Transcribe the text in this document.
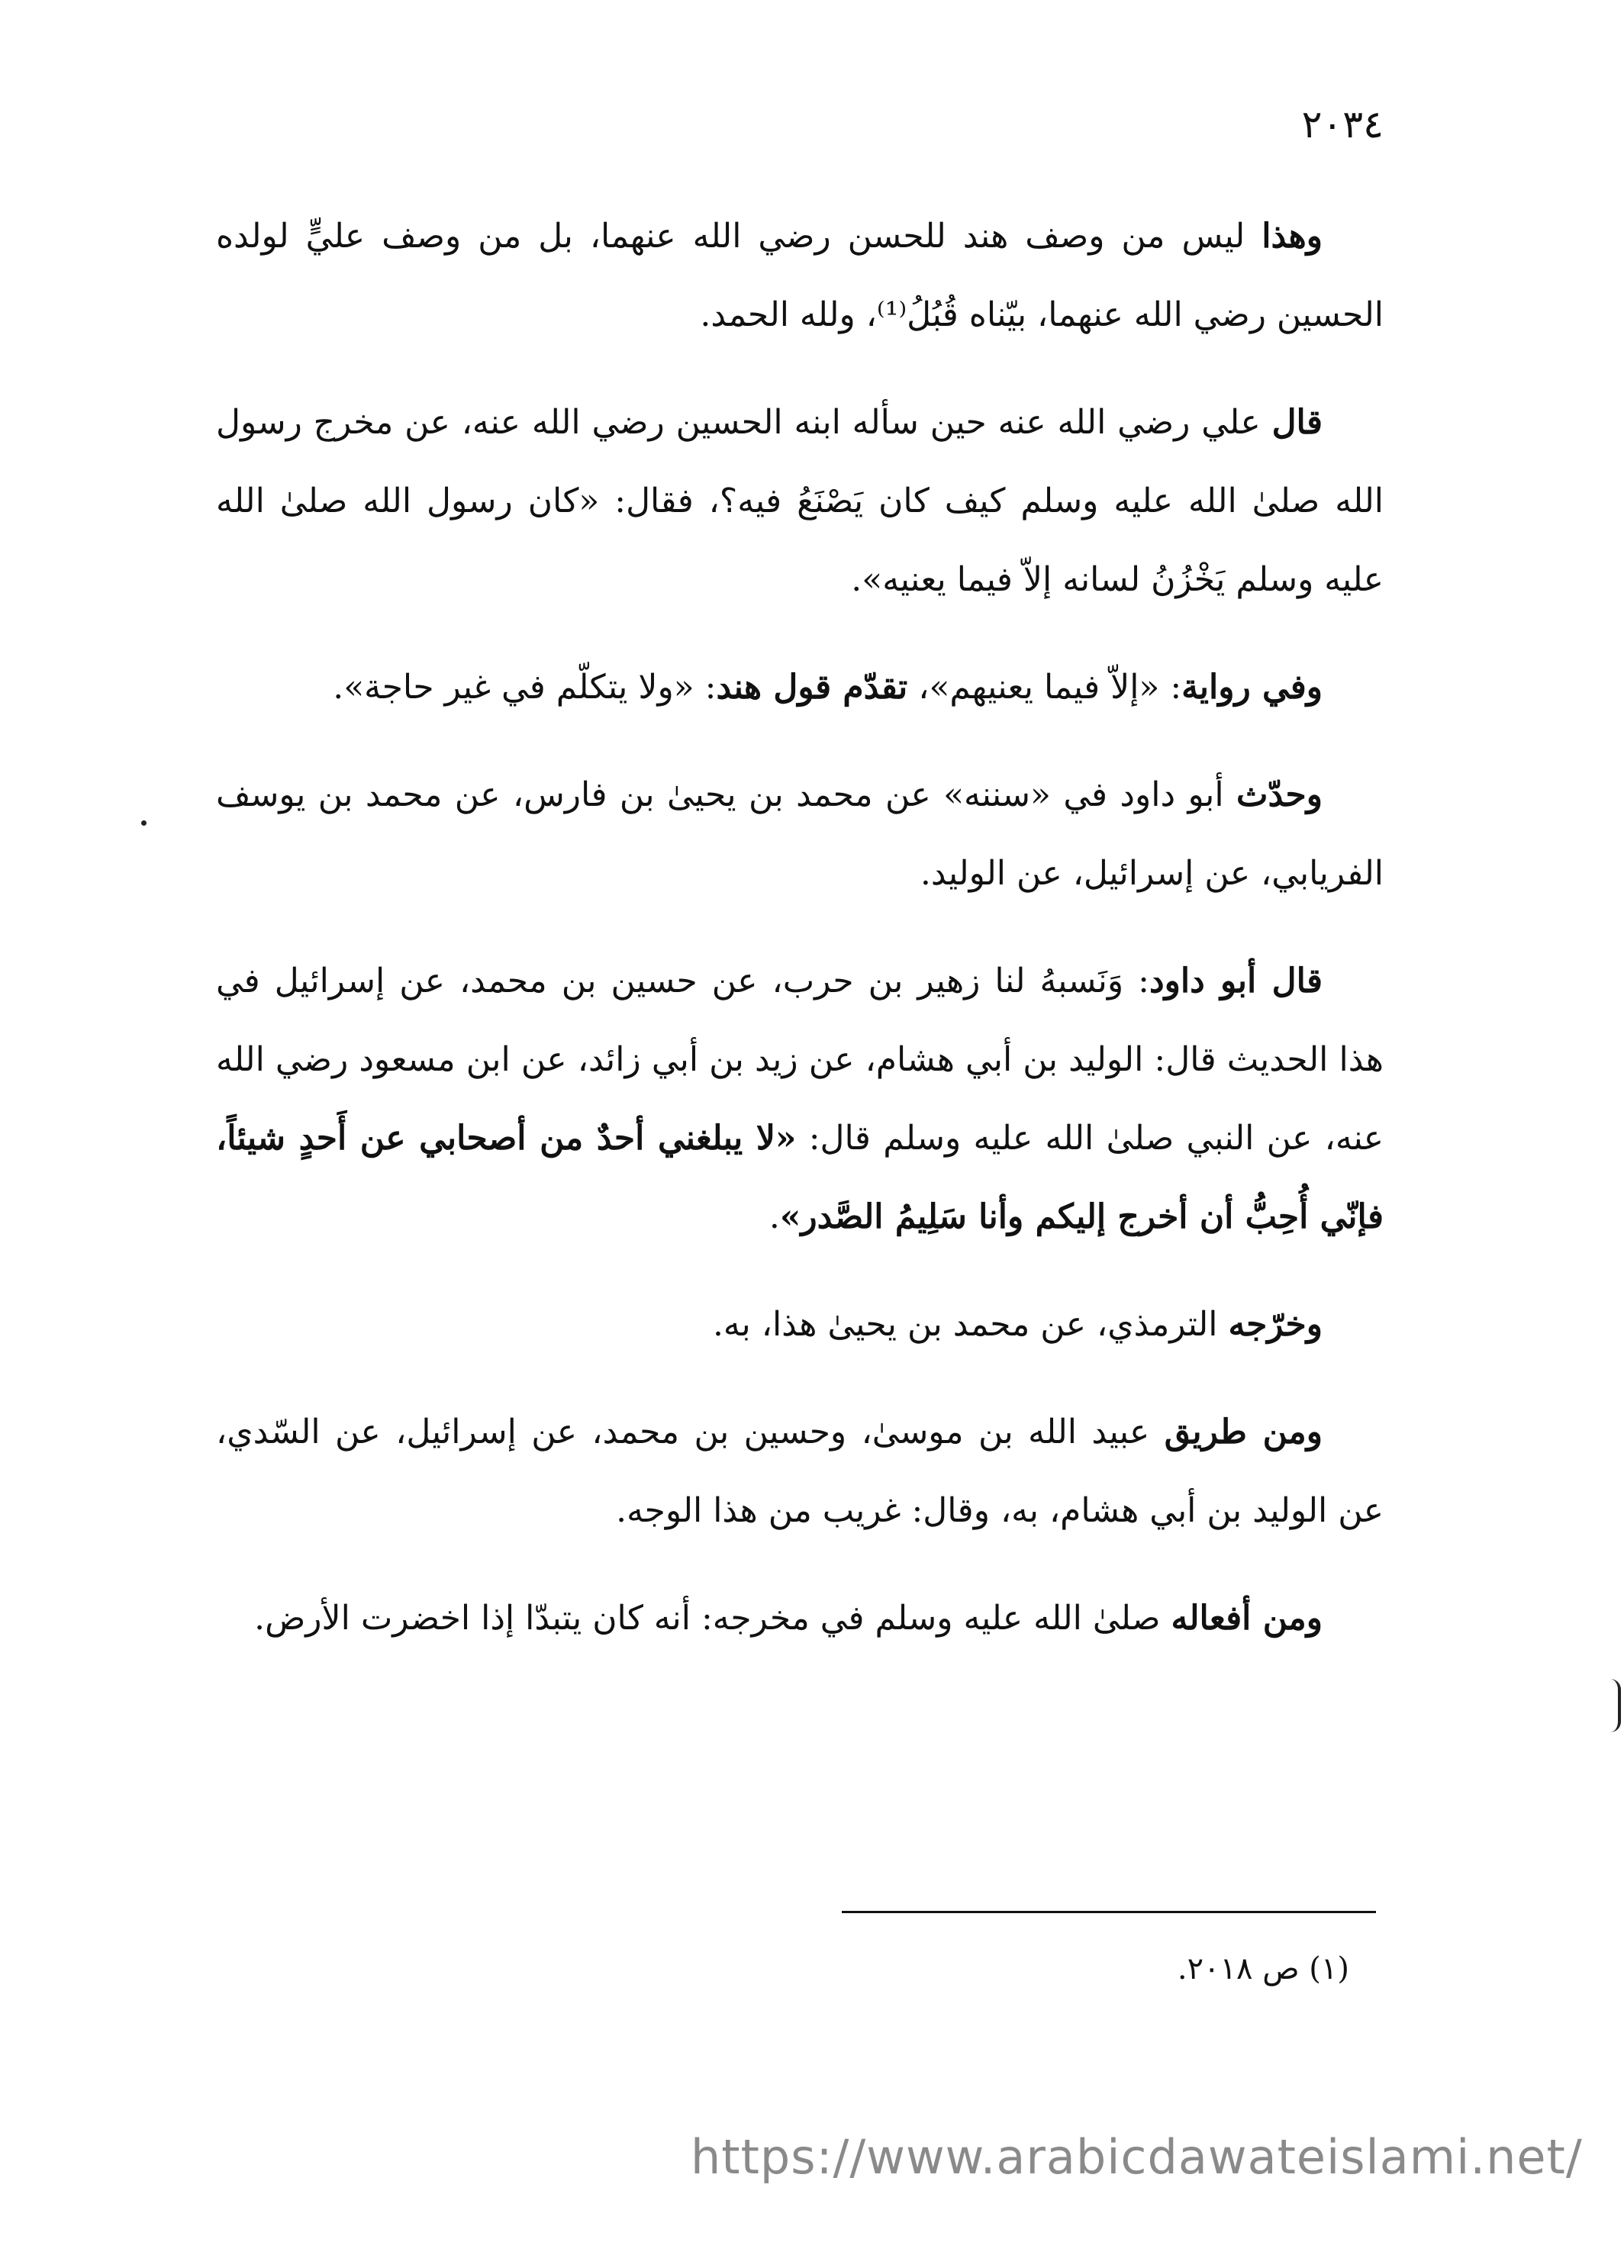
٢٠٣٤

وهذا ليس من وصف هند للحسن رضي الله عنهما، بل من وصف عليٍّ لولده الحسين رضي الله عنهما، بيّناه قُبُلُ⁽¹⁾، ولله الحمد.

قال علي رضي الله عنه حين سأله ابنه الحسين رضي الله عنه، عن مخرج رسول الله صلىٰ الله عليه وسلم كيف كان يَصْنَعُ فيه؟، فقال: «كان رسول الله صلىٰ الله عليه وسلم يَخْزُنُ لسانه إلاّ فيما يعنيه».

وفي رواية: «إلاّ فيما يعنيهم»، تقدّم قول هند: «ولا يتكلّم في غير حاجة».

وحدّث أبو داود في «سننه» عن محمد بن يحيىٰ بن فارس، عن محمد بن يوسف الفريابي، عن إسرائيل، عن الوليد.

قال أبو داود: وَنَسبهُ لنا زهير بن حرب، عن حسين بن محمد، عن إسرائيل في هذا الحديث قال: الوليد بن أبي هشام، عن زيد بن أبي زائد، عن ابن مسعود رضي الله عنه، عن النبي صلىٰ الله عليه وسلم قال: «لا يبلغني أحدٌ من أصحابي عن أَحدٍ شيئاً، فإنّي أُحِبُّ أن أخرج إليكم وأنا سَلِيمُ الصَّدر».

وخرّجه الترمذي، عن محمد بن يحيىٰ هذا، به.

ومن طريق عبيد الله بن موسىٰ، وحسين بن محمد، عن إسرائيل، عن السّدي، عن الوليد بن أبي هشام، به، وقال: غريب من هذا الوجه.

ومن أفعاله صلىٰ الله عليه وسلم في مخرجه: أنه كان يتبدّا إذا اخضرت الأرض.

(١) ص ٢٠١٨.
https://www.arabicdawateislami.net/
